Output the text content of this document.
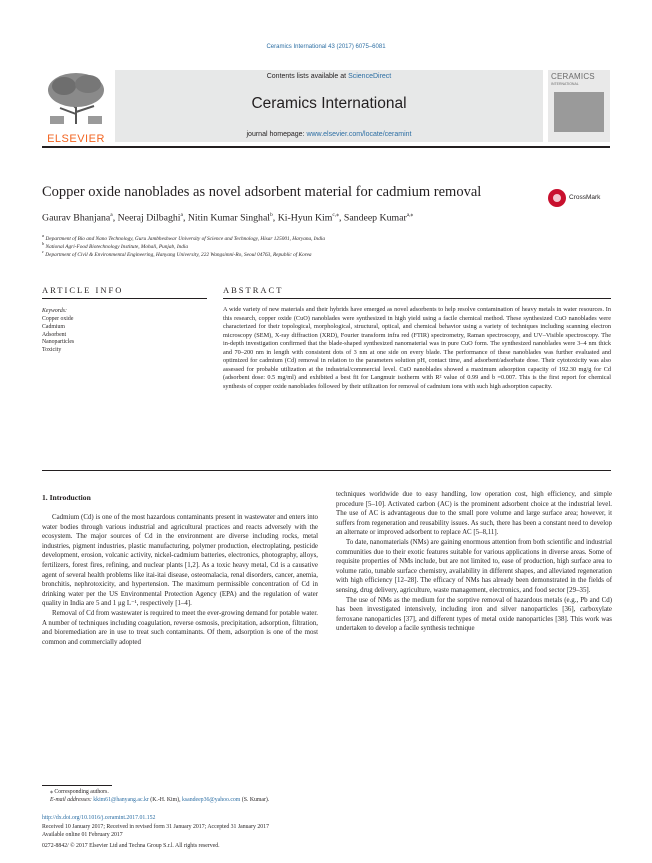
Ceramics International 43 (2017) 6075–6081
ELSEVIER
Contents lists available at ScienceDirect
Ceramics International
journal homepage: www.elsevier.com/locate/ceramint
CERAMICS
INTERNATIONAL
Copper oxide nanoblades as novel adsorbent material for cadmium removal	CrossMark
Gaurav Bhanjana$^a$, Neeraj Dilbaghi$^a$, Nitin Kumar Singhal$^b$, Ki-Hyun Kim$^{c,⁎}$, Sandeep Kumar$^{a,⁎}$
$^a$ Department of Bio and Nano Technology, Guru Jambheshwar University of Science and Technology, Hisar 125001, Haryana, India
$^b$ National Agri-Food Biotechnology Institute, Mohali, Punjab, India
$^c$ Department of Civil & Environmental Engineering, Hanyang University, 222 Wangsimni-Ro, Seoul 04763, Republic of Korea
ARTICLE INFO	ABSTRACT
Keywords:
Copper oxide
Cadmium
Adsorbent
Nanoparticles
Toxicity
A wide variety of new materials and their hybrids have emerged as novel adsorbents to help resolve contamination of heavy metals in water resources. In this research, copper oxide (CuO) nanoblades were synthesized in high yield using a facile chemical method. These synthesized CuO nanoblades were characterized for their topological, morphological, structural, optical, and chemical behavior using a variety of techniques including scanning electron microscopy (SEM), X-ray diffraction (XRD), Fourier transform infra red (FTIR) spectrometry, Raman spectroscopy, and UV–Visible spectroscopy. The in-depth investigation confirmed that the blade-shaped synthesized nanomaterial was in pure CuO form. The synthesized nanoblades were 3–4 nm thick and 70–200 nm in length with consistent dots of 3 nm at one side on every blade. The performance of these nanoblades was further evaluated and optimized for cadmium (Cd) removal in relation to the parameters solution pH, contact time, and adsorbent/adsorbate dose. Their cytotoxicity was also assessed for probable utilization at the industrial/commercial level. CuO nanoblades showed a maximum adsorption capacity of 192.30 mg/g for Cd (adsorbent dose: 0.5 mg/ml) and exhibited a best fit for Langmuir isotherm with R² value of 0.99 and b =0.007. This is the first report for chemical synthesis of copper oxide nanoblades followed by their utilization for removal of cadmium ions with such high adsorption capacity.
1. Introduction

Cadmium (Cd) is one of the most hazardous contaminants present in wastewater and enters into water bodies through various industrial and agricultural practices and reacts adversely with the ecosystem. The major sources of Cd in the environment are diverse including rocks, metal industries, pigment industries, plastic manufacturing, polymer production, electroplating, pesticide development, erosion, volcanic activity, nickel-cadmium batteries, electronics, photography, alloys, fertilizers, forest fires, refining, and nuclear plants [1,2]. As a toxic heavy metal, Cd is a causative agent of several health problems like itai-itai disease, osteomalacia, renal disorders, cancer, anemia, bronchitis, nephrotoxicity, and hypertension. The maximum permissible concentration of Cd in drinking water per the US Environmental Protection Agency (EPA) and the regulation of water quality in India are 5 and 1 μg L⁻¹, respectively [1–4].

Removal of Cd from wastewater is required to meet the ever-growing demand for potable water. A number of techniques including coagulation, reverse osmosis, precipitation, adsorption, filtration, and bioremediation are in use to treat such contaminants. Of them, adsorption is one of the most common and commercially adopted

techniques worldwide due to easy handling, low operation cost, high efficiency, and simple procedure [5–10]. Activated carbon (AC) is the prominent adsorbent choice at the industrial level. The use of AC is advantageous due to the small pore volume and large surface area; however, it suffers from regeneration and reusability issues. As such, there has been a constant need to develop an alternate or improved adsorbent to replace AC [5–8,11].

To date, nanomaterials (NMs) are gaining enormous attention from both scientific and industrial communities due to their exotic features suitable for various applications in diverse areas. Some of requisite properties of NMs include, but are not limited to, ease of production, high surface area to volume ratio, tunable surface chemistry, availability in different shapes, and alleviated regeneration with high efficiency [12–28]. The efficacy of NMs has already been demonstrated in the fields of sensing, drug delivery, agriculture, waste management, electronics, and food sector [29–35].

The use of NMs as the medium for the sorptive removal of hazardous metals (e.g., Pb and Cd) has been investigated intensively, including iron and silver nanoparticles [36], carboxylate ferroxane nanoparticles [37], and different types of metal oxide nanoparticles [38]. This work was undertaken to develop a facile synthesis technique

⁎ Corresponding authors.
E-mail addresses: kkim61@hanyang.ac.kr (K.-H. Kim), ksandeep36@yahoo.com (S. Kumar).
http://dx.doi.org/10.1016/j.ceramint.2017.01.152
Received 10 January 2017; Received in revised form 31 January 2017; Accepted 31 January 2017
Available online 01 February 2017
0272-8842/ © 2017 Elsevier Ltd and Techna Group S.r.l. All rights reserved.
